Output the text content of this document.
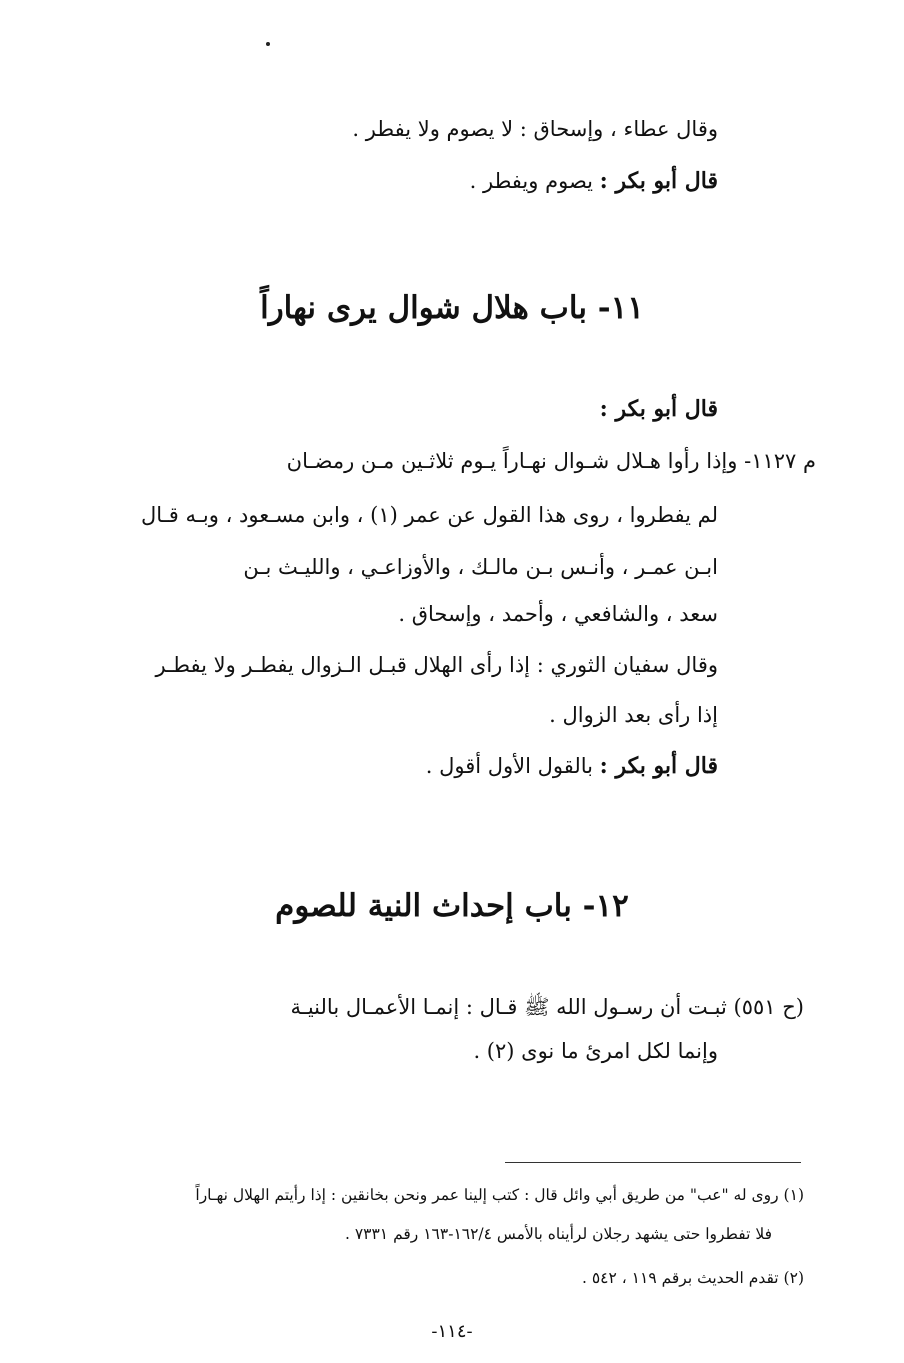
وقال عطاء ، وإسحاق : لا يصوم ولا يفطر .
قال أبو بكر : يصوم ويفطر .
١١- باب هلال شوال يرى نهاراً
قال أبو بكر :
م ١١٢٧- وإذا رأوا هـلال شـوال نهـاراً يـوم ثلاثـين مـن رمضـان
لم يفطروا ، روى هذا القول عن عمر (١) ، وابن مسـعود ، وبـه قـال
ابـن عمـر ، وأنـس بـن مالـك ، والأوزاعـي ، والليـث بـن
سعد ، والشافعي ، وأحمد ، وإسحاق .
وقال سفيان الثوري : إذا رأى الهلال قبـل الـزوال يفطـر ولا يفطـر
إذا رأى بعد الزوال .
قال أبو بكر : بالقول الأول أقول .
١٢- باب إحداث النية للصوم
(ح ٥٥١) ثبـت أن رسـول الله ﷺ قـال : إنمـا الأعمـال بالنيـة
وإنما لكل امرئ ما نوى (٢) .
(١) روى له "عب" من طريق أبي وائل قال : كتب إلينا عمر ونحن بخانقين : إذا رأيتم الهلال نهـاراً
فلا تفطروا حتى يشهد رجلان لرأيناه بالأمس ١٦٢/٤-١٦٣ رقم ٧٣٣١ .
(٢) تقدم الحديث برقم ١١٩ ، ٥٤٢ .
-١١٤-
